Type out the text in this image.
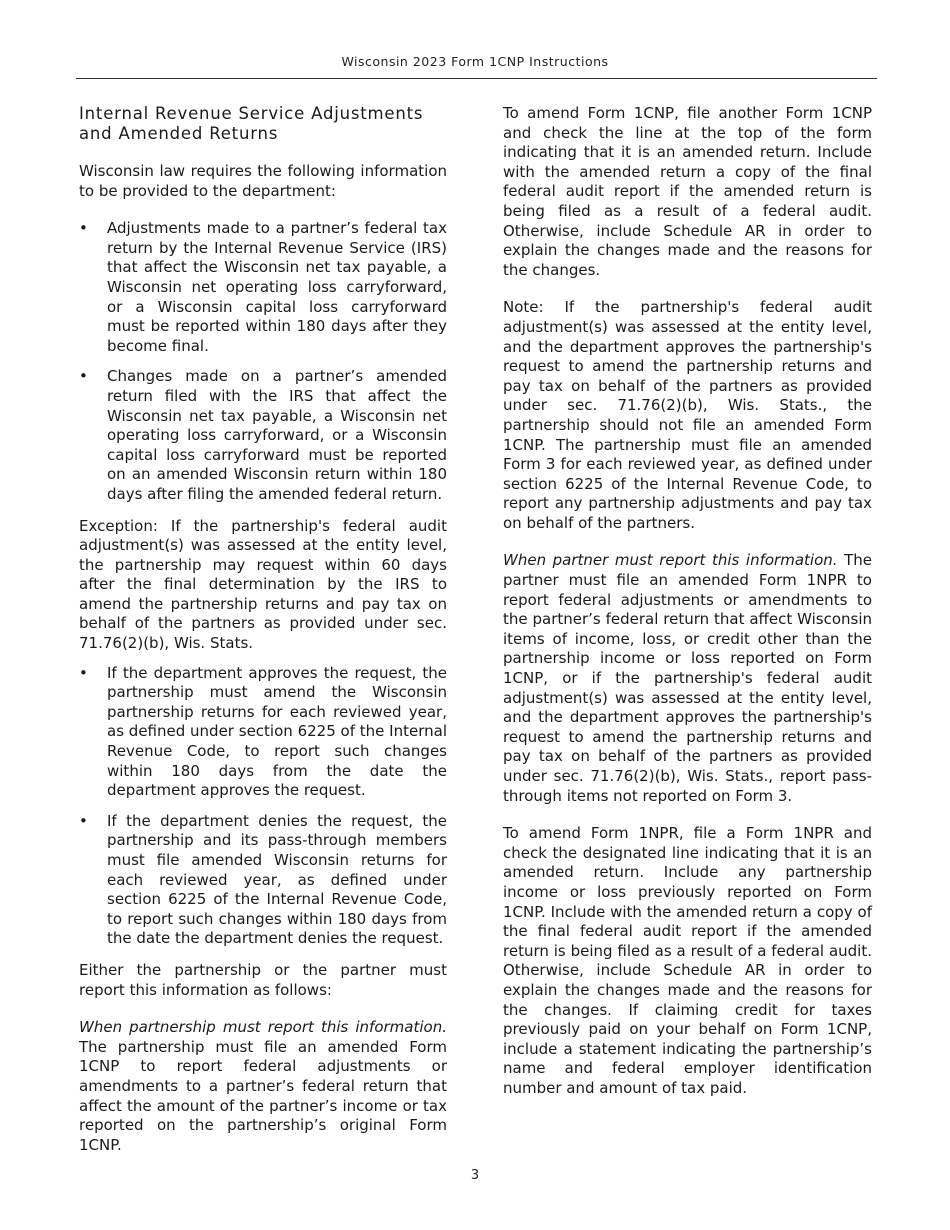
Wisconsin 2023 Form 1CNP Instructions
Internal Revenue Service Adjustments and Amended Returns

Wisconsin law requires the following information to be provided to the department:

• Adjustments made to a partner’s federal tax return by the Internal Revenue Service (IRS) that affect the Wisconsin net tax payable, a Wisconsin net operating loss carryforward, or a Wisconsin capital loss carryforward must be reported within 180 days after they become final.
• Changes made on a partner’s amended return filed with the IRS that affect the Wisconsin net tax payable, a Wisconsin net operating loss carryforward, or a Wisconsin capital loss carryforward must be reported on an amended Wisconsin return within 180 days after filing the amended federal return.

Exception: If the partnership's federal audit adjustment(s) was assessed at the entity level, the partnership may request within 60 days after the final determination by the IRS to amend the partnership returns and pay tax on behalf of the partners as provided under sec. 71.76(2)(b), Wis. Stats.

• If the department approves the request, the partnership must amend the Wisconsin partnership returns for each reviewed year, as defined under section 6225 of the Internal Revenue Code, to report such changes within 180 days from the date the department approves the request.
• If the department denies the request, the partnership and its pass-through members must file amended Wisconsin returns for each reviewed year, as defined under section 6225 of the Internal Revenue Code, to report such changes within 180 days from the date the department denies the request.

Either the partnership or the partner must report this information as follows:

When partnership must report this information. The partnership must file an amended Form 1CNP to report federal adjustments or amendments to a partner’s federal return that affect the amount of the partner’s income or tax reported on the partnership’s original Form 1CNP.

To amend Form 1CNP, file another Form 1CNP and check the line at the top of the form indicating that it is an amended return. Include with the amended return a copy of the final federal audit report if the amended return is being filed as a result of a federal audit. Otherwise, include Schedule AR in order to explain the changes made and the reasons for the changes.

Note: If the partnership's federal audit adjustment(s) was assessed at the entity level, and the department approves the partnership's request to amend the partnership returns and pay tax on behalf of the partners as provided under sec. 71.76(2)(b), Wis. Stats., the partnership should not file an amended Form 1CNP. The partnership must file an amended Form 3 for each reviewed year, as defined under section 6225 of the Internal Revenue Code, to report any partnership adjustments and pay tax on behalf of the partners.

When partner must report this information. The partner must file an amended Form 1NPR to report federal adjustments or amendments to the partner’s federal return that affect Wisconsin items of income, loss, or credit other than the partnership income or loss reported on Form 1CNP, or if the partnership's federal audit adjustment(s) was assessed at the entity level, and the department approves the partnership's request to amend the partnership returns and pay tax on behalf of the partners as provided under sec. 71.76(2)(b), Wis. Stats., report pass-through items not reported on Form 3.

To amend Form 1NPR, file a Form 1NPR and check the designated line indicating that it is an amended return. Include any partnership income or loss previously reported on Form 1CNP. Include with the amended return a copy of the final federal audit report if the amended return is being filed as a result of a federal audit. Otherwise, include Schedule AR in order to explain the changes made and the reasons for the changes. If claiming credit for taxes previously paid on your behalf on Form 1CNP, include a statement indicating the partnership’s name and federal employer identification number and amount of tax paid.

3
